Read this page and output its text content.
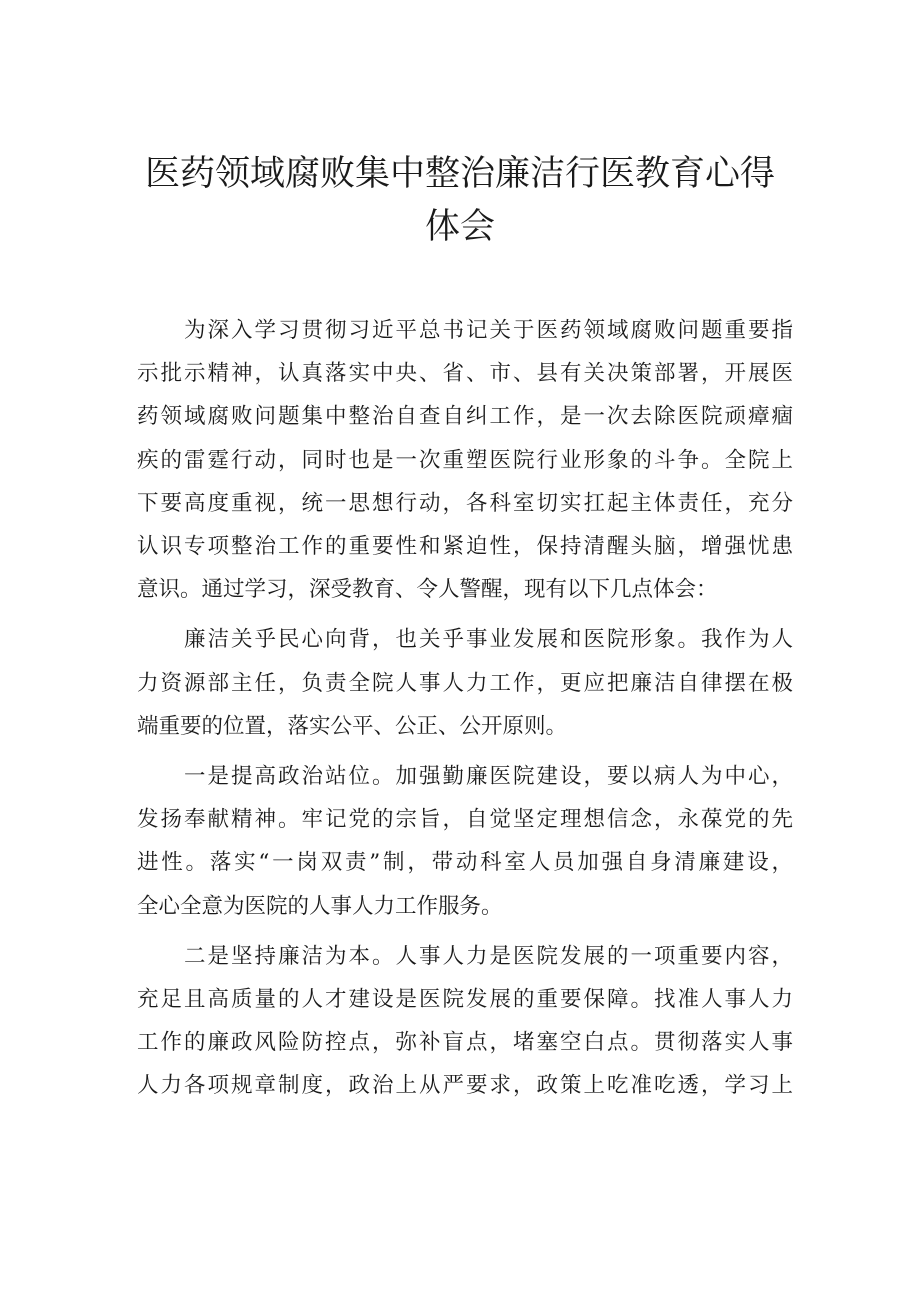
医药领域腐败集中整治廉洁行医教育心得
体会

　　为深入学习贯彻习近平总书记关于医药领域腐败问题重要指
示批示精神，认真落实中央、省、市、县有关决策部署，开展医
药领域腐败问题集中整治自查自纠工作，是一次去除医院顽瘴痼
疾的雷霆行动，同时也是一次重塑医院行业形象的斗争。全院上
下要高度重视，统一思想行动，各科室切实扛起主体责任，充分
认识专项整治工作的重要性和紧迫性，保持清醒头脑，增强忧患
意识。通过学习，深受教育、令人警醒，现有以下几点体会：

　　廉洁关乎民心向背，也关乎事业发展和医院形象。我作为人
力资源部主任，负责全院人事人力工作，更应把廉洁自律摆在极
端重要的位置，落实公平、公正、公开原则。

　　一是提高政治站位。加强勤廉医院建设，要以病人为中心，
发扬奉献精神。牢记党的宗旨，自觉坚定理想信念，永葆党的先
进性。落实“一岗双责”制，带动科室人员加强自身清廉建设，
全心全意为医院的人事人力工作服务。

　　二是坚持廉洁为本。人事人力是医院发展的一项重要内容，
充足且高质量的人才建设是医院发展的重要保障。找准人事人力
工作的廉政风险防控点，弥补盲点，堵塞空白点。贯彻落实人事
人力各项规章制度，政治上从严要求，政策上吃准吃透，学习上
